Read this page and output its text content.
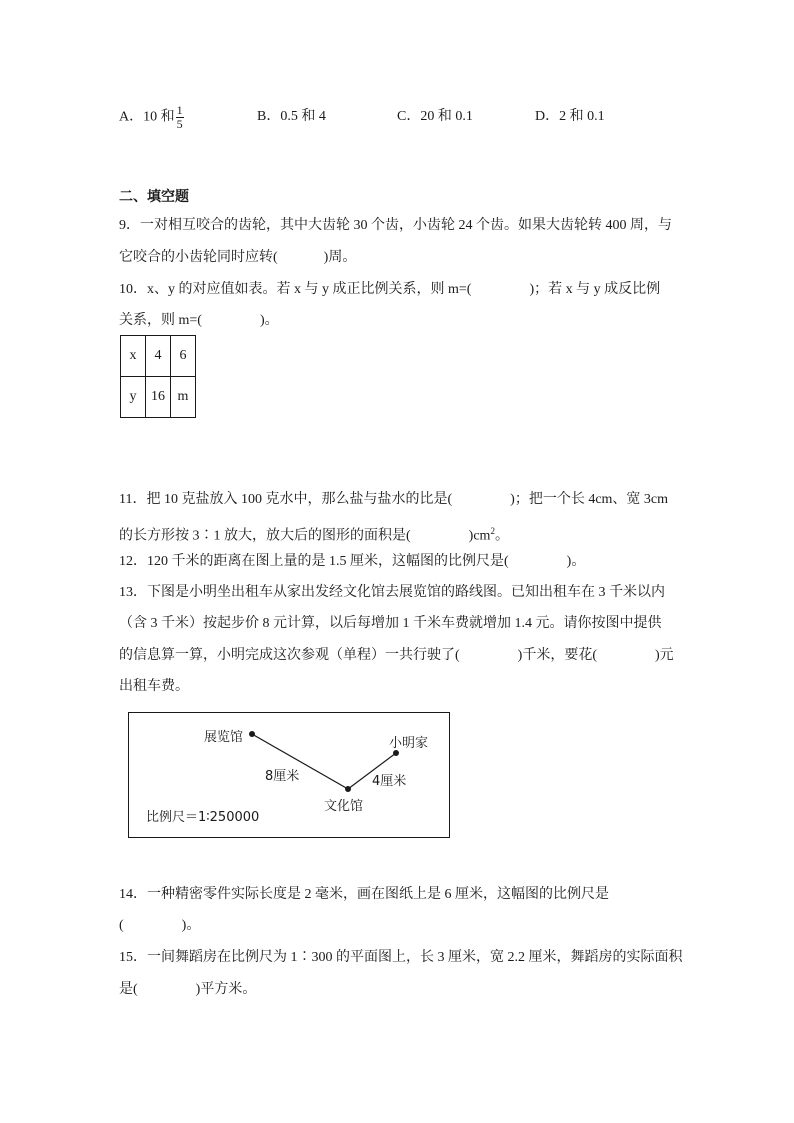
A．10 和 $\frac{1}{5}$	B．0.5 和 4	C．20 和 0.1	D．2 和 0.1
二、填空题
9．一对相互咬合的齿轮，其中大齿轮 30 个齿，小齿轮 24 个齿。如果大齿轮转 400 周，与
它咬合的小齿轮同时应转(	)周。
10．x、y 的对应值如表。若 x 与 y 成正比例关系，则 m=(	)；若 x 与 y 成反比例
关系，则 m=(	)。
x	4	6
y	16	m
11．把 10 克盐放入 100 克水中，那么盐与盐水的比是(	)；把一个长 4cm、宽 3cm
的长方形按 3∶1 放大，放大后的图形的面积是(	)$cm^2$。
12．120 千米的距离在图上量的是 1.5 厘米，这幅图的比例尺是(	)。
13．下图是小明坐出租车从家出发经文化馆去展览馆的路线图。已知出租车在 3 千米以内
（含 3 千米）按起步价 8 元计算，以后每增加 1 千米车费就增加 1.4 元。请你按图中提供
的信息算一算，小明完成这次参观（单程）一共行驶了(	)千米，要花(	)元
出租车费。
展览馆	小明家
文化馆
8厘米	4厘米
比例尺＝1∶250000
14．一种精密零件实际长度是 2 毫米，画在图纸上是 6 厘米，这幅图的比例尺是
(	)。
15．一间舞蹈房在比例尺为 1∶300 的平面图上，长 3 厘米，宽 2.2 厘米，舞蹈房的实际面积
是(	)平方米。
